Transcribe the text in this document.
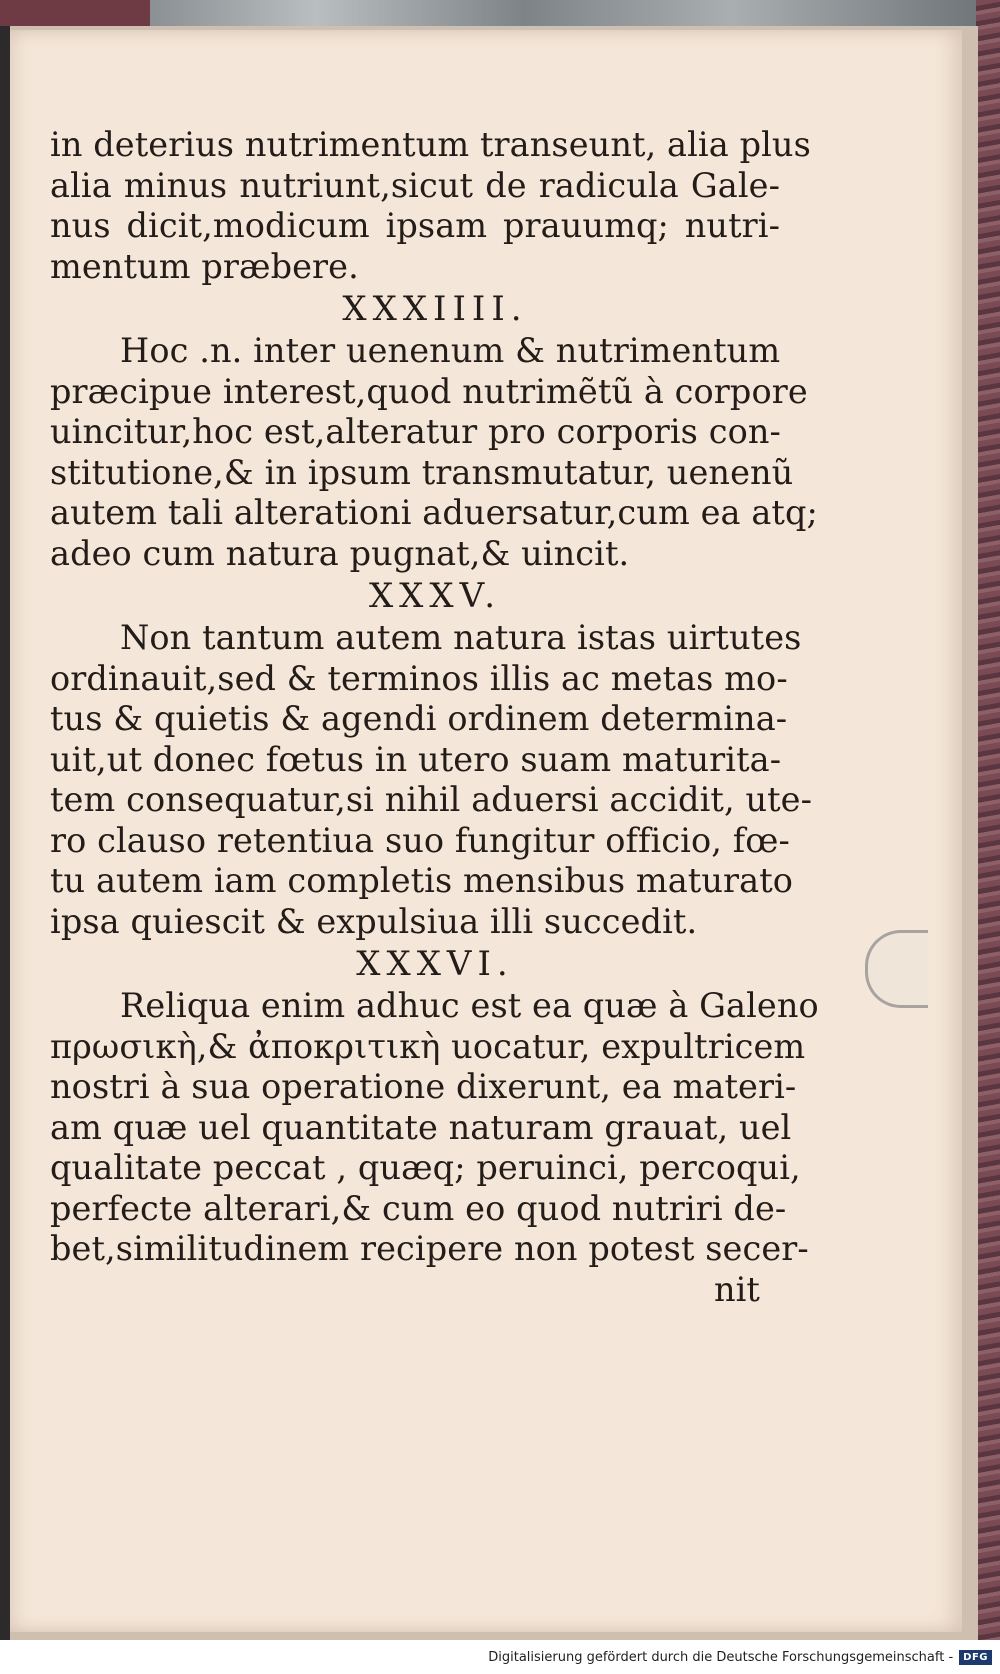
in deterius nutrimentum transeunt, alia plus
alia minus nutriunt,sicut de radicula Gale-
nus dicit,modicum ipsam prauumq; nutri-
mentum præbere.
XXXIIII.
Hoc .n. inter uenenum & nutrimentum
præcipue interest,quod nutrimẽtũ à corpore
uincitur,hoc est,alteratur pro corporis con-
stitutione,& in ipsum transmutatur, uenenũ
autem tali alterationi aduersatur,cum ea atq;
adeo cum natura pugnat,& uincit.
XXXV.
Non tantum autem natura istas uirtutes
ordinauit,sed & terminos illis ac metas mo-
tus & quietis & agendi ordinem determina-
uit,ut donec fœtus in utero suam maturita-
tem consequatur,si nihil aduersi accidit, ute-
ro clauso retentiua suo fungitur officio, fœ-
tu autem iam completis mensibus maturato
ipsa quiescit & expulsiua illi succedit.
XXXVI.
Reliqua enim adhuc est ea quæ à Galeno
πρωσικὴ,& ἀποκριτικὴ uocatur, expultricem
nostri à sua operatione dixerunt, ea materi-
am quæ uel quantitate naturam grauat, uel
qualitate peccat , quæq; peruinci, percoqui,
perfecte alterari,& cum eo quod nutriri de-
bet,similitudinem recipere non potest secer-
nit
Digitalisierung gefördert durch die Deutsche Forschungsgemeinschaft -	DFG
